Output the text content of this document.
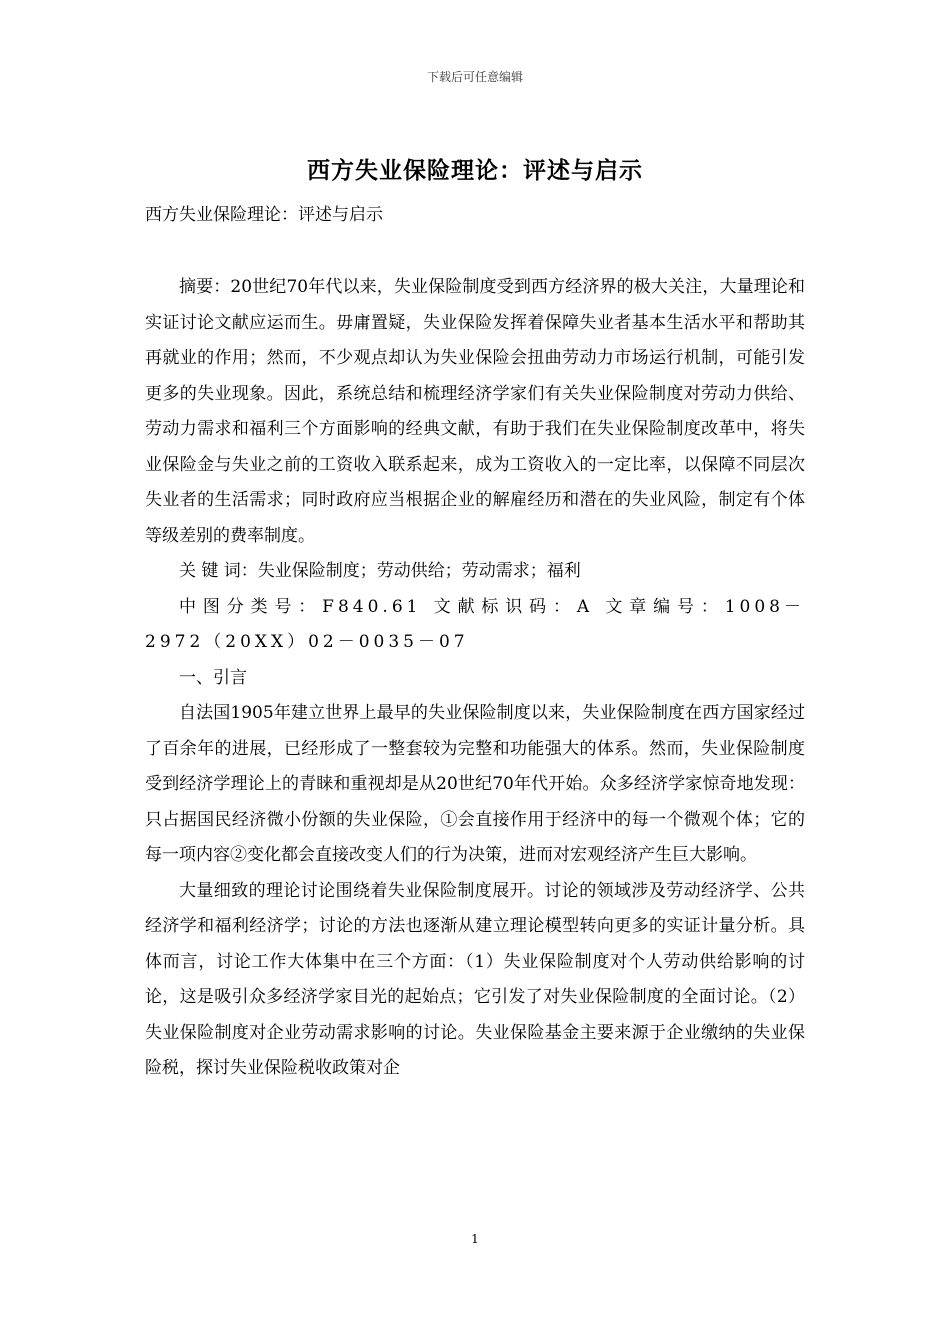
下载后可任意编辑
西方失业保险理论：评述与启示
西方失业保险理论：评述与启示

摘要：20世纪70年代以来，失业保险制度受到西方经济界的极大关注，大量理论和实证讨论文献应运而生。毋庸置疑，失业保险发挥着保障失业者基本生活水平和帮助其再就业的作用；然而，不少观点却认为失业保险会扭曲劳动力市场运行机制，可能引发更多的失业现象。因此，系统总结和梳理经济学家们有关失业保险制度对劳动力供给、劳动力需求和福利三个方面影响的经典文献，有助于我们在失业保险制度改革中，将失业保险金与失业之前的工资收入联系起来，成为工资收入的一定比率，以保障不同层次失业者的生活需求；同时政府应当根据企业的解雇经历和潜在的失业风险，制定有个体等级差别的费率制度。

关 键 词：失业保险制度；劳动供给；劳动需求；福利

中图分类号：F840.61 文献标识码：A 文章编号：1008－2972（20XX）02－0035－07

一、引言

自法国1905年建立世界上最早的失业保险制度以来，失业保险制度在西方国家经过了百余年的进展，已经形成了一整套较为完整和功能强大的体系。然而，失业保险制度受到经济学理论上的青睐和重视却是从20世纪70年代开始。众多经济学家惊奇地发现：只占据国民经济微小份额的失业保险，①会直接作用于经济中的每一个微观个体；它的每一项内容②变化都会直接改变人们的行为决策，进而对宏观经济产生巨大影响。

大量细致的理论讨论围绕着失业保险制度展开。讨论的领域涉及劳动经济学、公共经济学和福利经济学；讨论的方法也逐渐从建立理论模型转向更多的实证计量分析。具体而言，讨论工作大体集中在三个方面：（1）失业保险制度对个人劳动供给影响的讨论，这是吸引众多经济学家目光的起始点；它引发了对失业保险制度的全面讨论。（2）失业保险制度对企业劳动需求影响的讨论。失业保险基金主要来源于企业缴纳的失业保险税，探讨失业保险税收政策对企

1
